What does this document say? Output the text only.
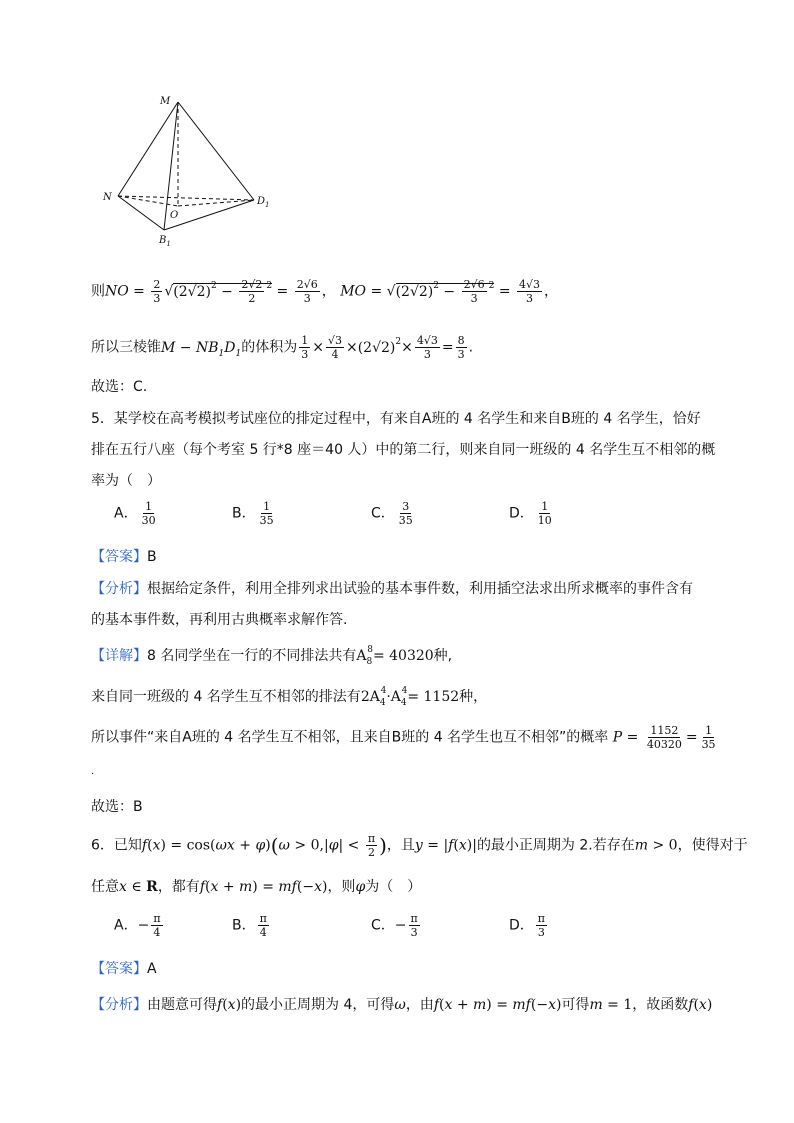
M
N
O
$D_1$
$B_1$
则NO = $\frac{2}{3} √(2√2)^2 - \frac{2√2}{2} ^2 = \frac{2√6}{3}$ ， MO = $√(2√2)^2 - \frac{2√6}{3} ^2 = \frac{4√3}{3}$ ，
所以三棱锥$M - NB_1D_1$的体积为 $\frac{1}{3} \times \frac{√3}{4} \times(2√2)^2\times \frac{4√3}{3} = \frac{8}{3}$ .
故选：C.
5．某学校在高考模拟考试座位的排定过程中，有来自A班的 4 名学生和来自B班的 4 名学生，恰好
排在五行八座（每个考室 5 行*8 座＝40 人）中的第二行，则来自同一班级的 4 名学生互不相邻的概
率为（　）
A． $\frac{1}{30}$	B． $\frac{1}{35}$	C． $\frac{3}{35}$	D． $\frac{1}{10}$
【答案】B
【分析】根据给定条件，利用全排列求出试验的基本事件数，利用插空法求出所求概率的事件含有
的基本事件数，再利用古典概率求解作答.
【详解】8 名同学坐在一行的不同排法共有$A_8^8= 40320$种,
来自同一班级的 4 名学生互不相邻的排法有$2A_4^4\cdot A_4^4= 1152$种，
所以事件“来自A班的 4 名学生互不相邻，且来自B班的 4 名学生也互不相邻”的概率 $P = \frac{1152}{40320} = \frac{1}{35}$
.
故选：B
6．已知$f(x) = \cos(\omega x + \varphi)(\omega > 0,|\varphi| < \frac{\pi}{2}$ )，且y = |f(x)|的最小正周期为 2.若存在m > 0，使得对于
任意x ∈ R，都有f(x + m) = mf(−x)，则φ为（　）
A．− $\frac{\pi}{4}$	B． $\frac{\pi}{4}$	C．− $\frac{\pi}{3}$	D． $\frac{\pi}{3}$
【答案】A
【分析】由题意可得f(x)的最小正周期为 4，可得ω，由f(x + m) = mf(−x)可得m = 1，故函数f(x)
